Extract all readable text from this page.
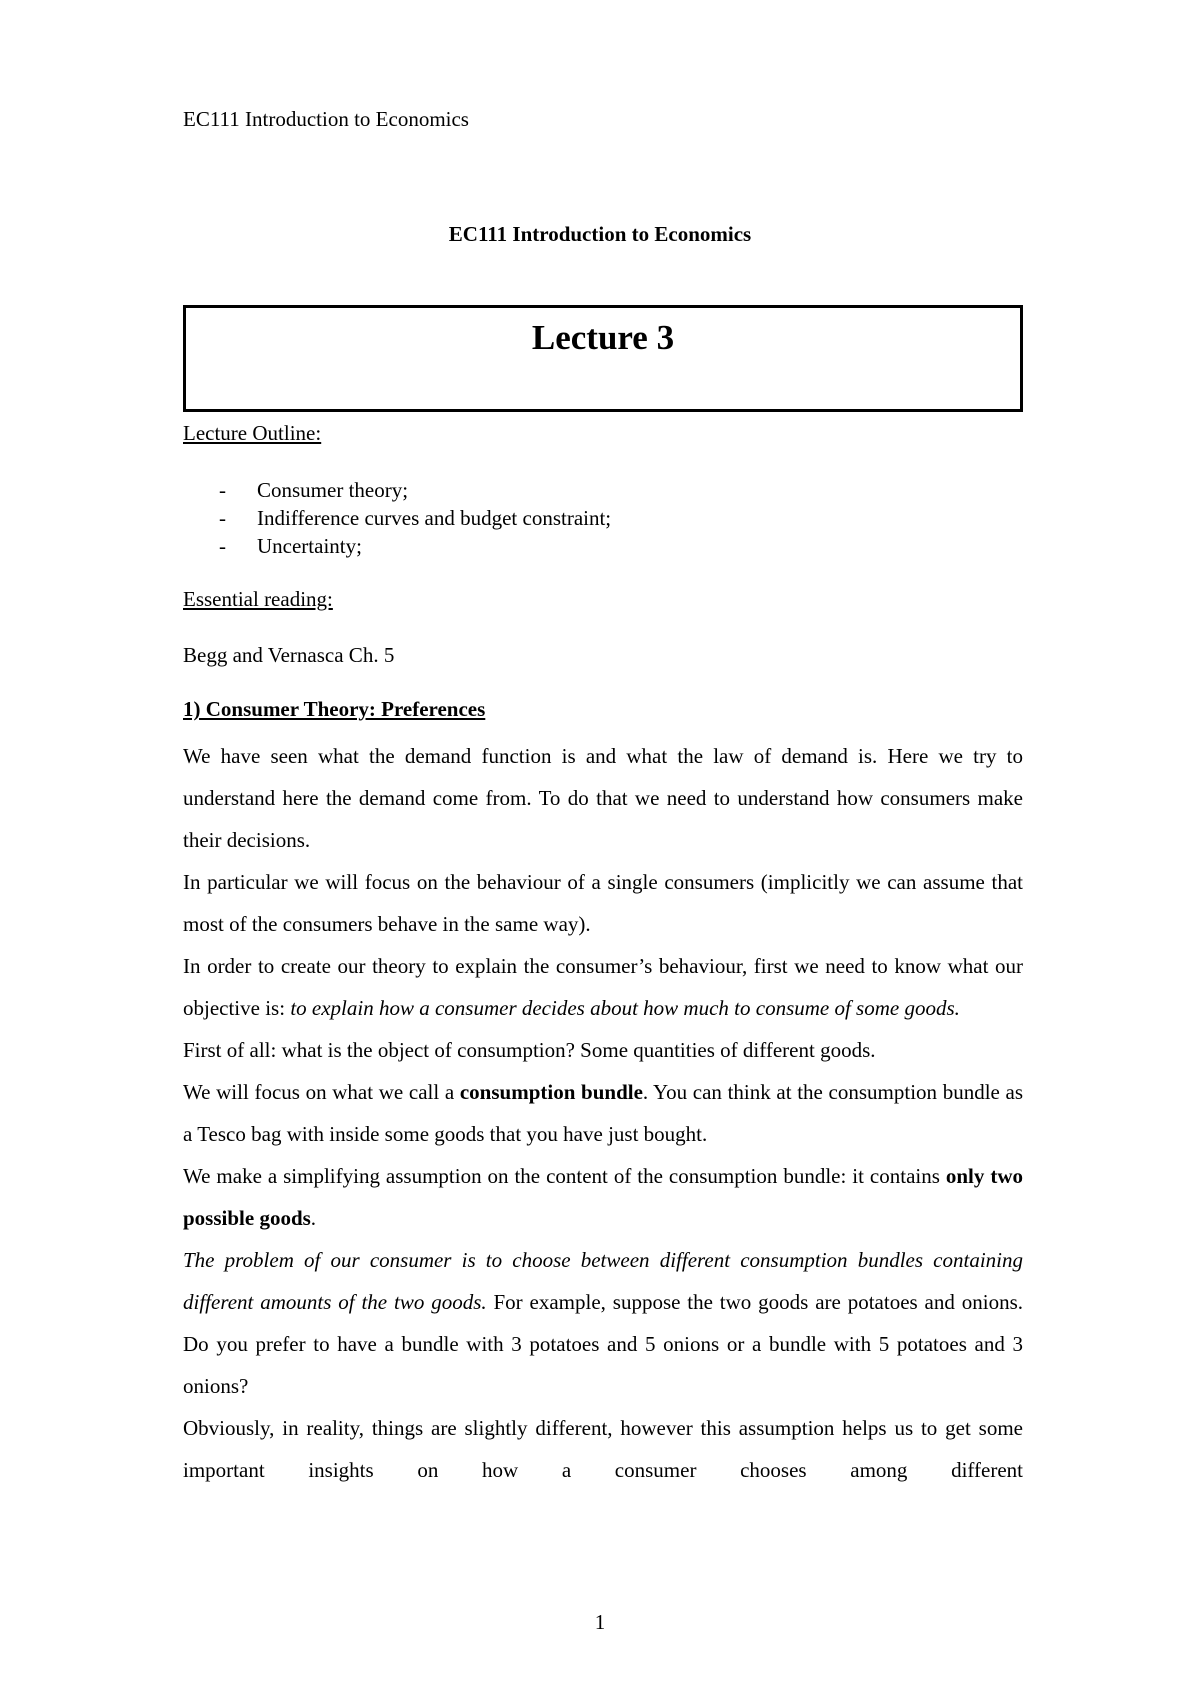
EC111 Introduction to Economics
EC111 Introduction to Economics
Lecture 3
Lecture Outline:
- Consumer theory;
- Indifference curves and budget constraint;
- Uncertainty;
Essential reading:
Begg and Vernasca Ch. 5
1) Consumer Theory: Preferences

We have seen what the demand function is and what the law of demand is. Here we try to understand here the demand come from. To do that we need to understand how consumers make their decisions.

In particular we will focus on the behaviour of a single consumers (implicitly we can assume that most of the consumers behave in the same way).

In order to create our theory to explain the consumer’s behaviour, first we need to know what our objective is: to explain how a consumer decides about how much to consume of some goods.

First of all: what is the object of consumption? Some quantities of different goods.

We will focus on what we call a consumption bundle. You can think at the consumption bundle as a Tesco bag with inside some goods that you have just bought.

We make a simplifying assumption on the content of the consumption bundle: it contains only two possible goods.

The problem of our consumer is to choose between different consumption bundles containing different amounts of the two goods. For example, suppose the two goods are potatoes and onions. Do you prefer to have a bundle with 3 potatoes and 5 onions or a bundle with 5 potatoes and 3 onions?

Obviously, in reality, things are slightly different, however this assumption helps us to get some important insights on how a consumer chooses among different

1
